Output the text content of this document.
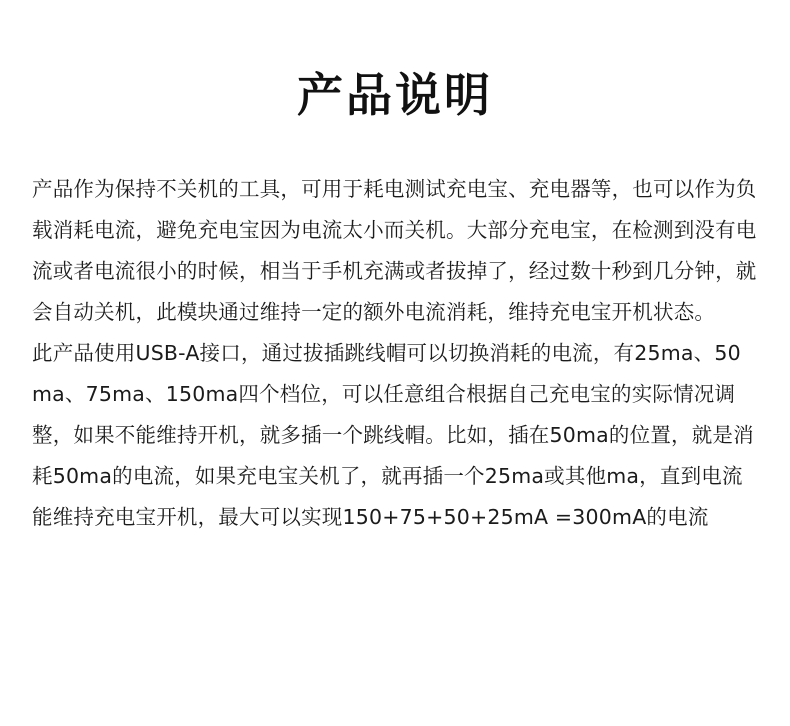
产品说明

产品作为保持不关机的工具，可用于耗电测试充电宝、充电器等，也可以作为负载消耗电流，避免充电宝因为电流太小而关机。大部分充电宝，在检测到没有电流或者电流很小的时候，相当于手机充满或者拔掉了，经过数十秒到几分钟，就会自动关机，此模块通过维持一定的额外电流消耗，维持充电宝开机状态。

此产品使用USB-A接口，通过拔插跳线帽可以切换消耗的电流，有25ma、50ma、75ma、150ma四个档位，可以任意组合根据自己充电宝的实际情况调整，如果不能维持开机，就多插一个跳线帽。比如，插在50ma的位置，就是消耗50ma的电流，如果充电宝关机了，就再插一个25ma或其他ma，直到电流能维持充电宝开机，最大可以实现150+75+50+25mA =300mA的电流
